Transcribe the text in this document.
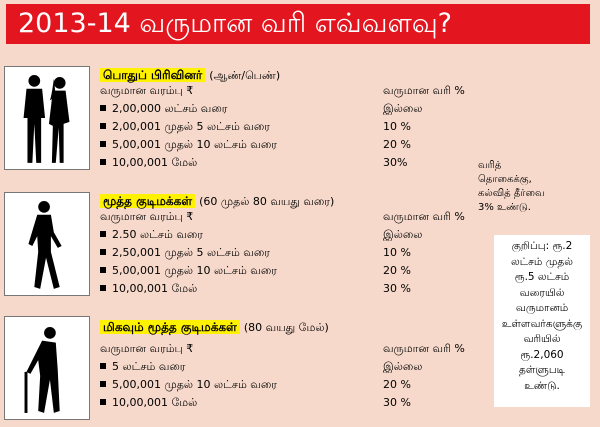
2013-14 வருமான வரி எவ்வளவு?
பொதுப் பிரிவினர் (ஆண்/பெண்)
வருமான வரம்பு ₹	வருமான வரி %
2,00,000 லட்சம் வரை	இல்லை
2,00,001 முதல் 5 லட்சம் வரை	10 %
5,00,001 முதல் 10 லட்சம் வரை	20 %
10,00,001 மேல்	30%
மூத்த குடிமக்கள் (60 முதல் 80 வயது வரை)
வருமான வரம்பு ₹	வருமான வரி %
2.50 லட்சம் வரை	இல்லை
2,50,001 முதல் 5 லட்சம் வரை	10 %
5,00,001 முதல் 10 லட்சம் வரை	20 %
10,00,001 மேல்	30 %
மிகவும் மூத்த குடிமக்கள் (80 வயது மேல்)
வருமான வரம்பு ₹	வருமான வரி %
5 லட்சம் வரை	இல்லை
5,00,001 முதல் 10 லட்சம் வரை	20 %
10,00,001 மேல்	30 %
வரித்
தொகைக்கு,
கல்வித் தீர்வை
3% உண்டு.
குறிப்பு: ரூ.2
லட்சம் முதல்
ரூ.5 லட்சம்
வரையில்
வருமானம்
உள்ளவர்களுக்கு
வரியில்
ரூ.2,060
தள்ளுபடி
உண்டு.
